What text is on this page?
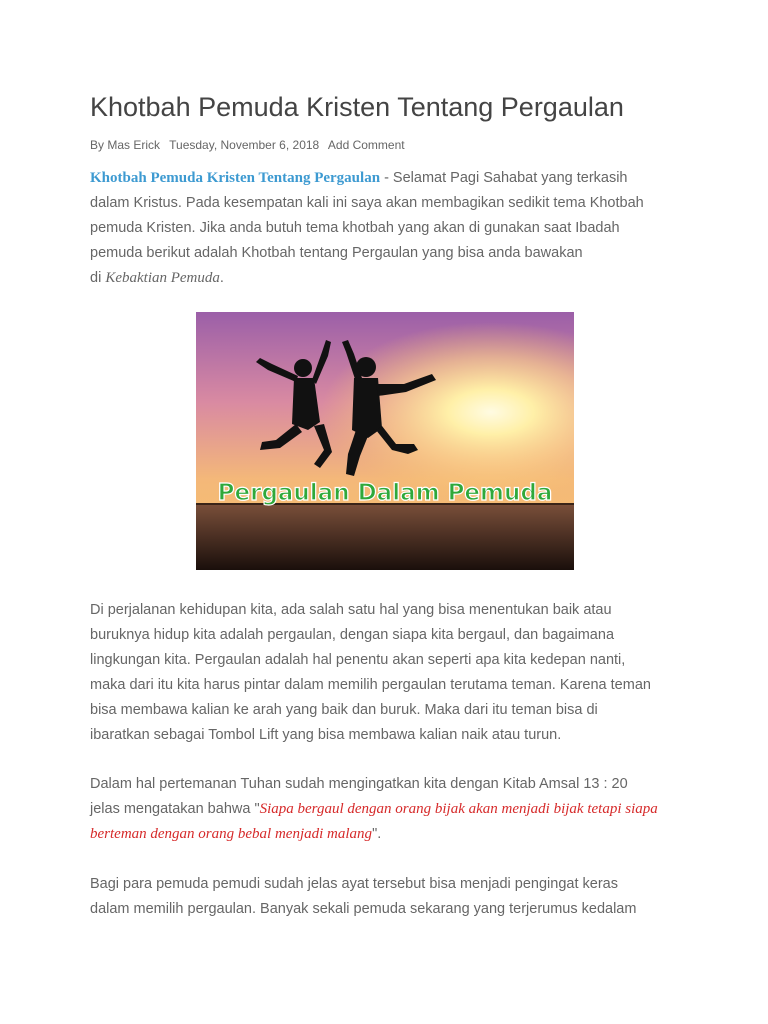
Khotbah Pemuda Kristen Tentang Pergaulan
By Mas Erick Tuesday, November 6, 2018 Add Comment
Khotbah Pemuda Kristen Tentang Pergaulan - Selamat Pagi Sahabat yang terkasih
dalam Kristus. Pada kesempatan kali ini saya akan membagikan sedikit tema Khotbah
pemuda Kristen. Jika anda butuh tema khotbah yang akan di gunakan saat Ibadah
pemuda berikut adalah Khotbah tentang Pergaulan yang bisa anda bawakan
di Kebaktian Pemuda.
Pergaulan Dalam Pemuda
Di perjalanan kehidupan kita, ada salah satu hal yang bisa menentukan baik atau
buruknya hidup kita adalah pergaulan, dengan siapa kita bergaul, dan bagaimana
lingkungan kita. Pergaulan adalah hal penentu akan seperti apa kita kedepan nanti,
maka dari itu kita harus pintar dalam memilih pergaulan terutama teman. Karena teman
bisa membawa kalian ke arah yang baik dan buruk. Maka dari itu teman bisa di
ibaratkan sebagai Tombol Lift yang bisa membawa kalian naik atau turun.
Dalam hal pertemanan Tuhan sudah mengingatkan kita dengan Kitab Amsal 13 : 20
jelas mengatakan bahwa "Siapa bergaul dengan orang bijak akan menjadi bijak tetapi siapa
berteman dengan orang bebal menjadi malang".
Bagi para pemuda pemudi sudah jelas ayat tersebut bisa menjadi pengingat keras
dalam memilih pergaulan. Banyak sekali pemuda sekarang yang terjerumus kedalam
